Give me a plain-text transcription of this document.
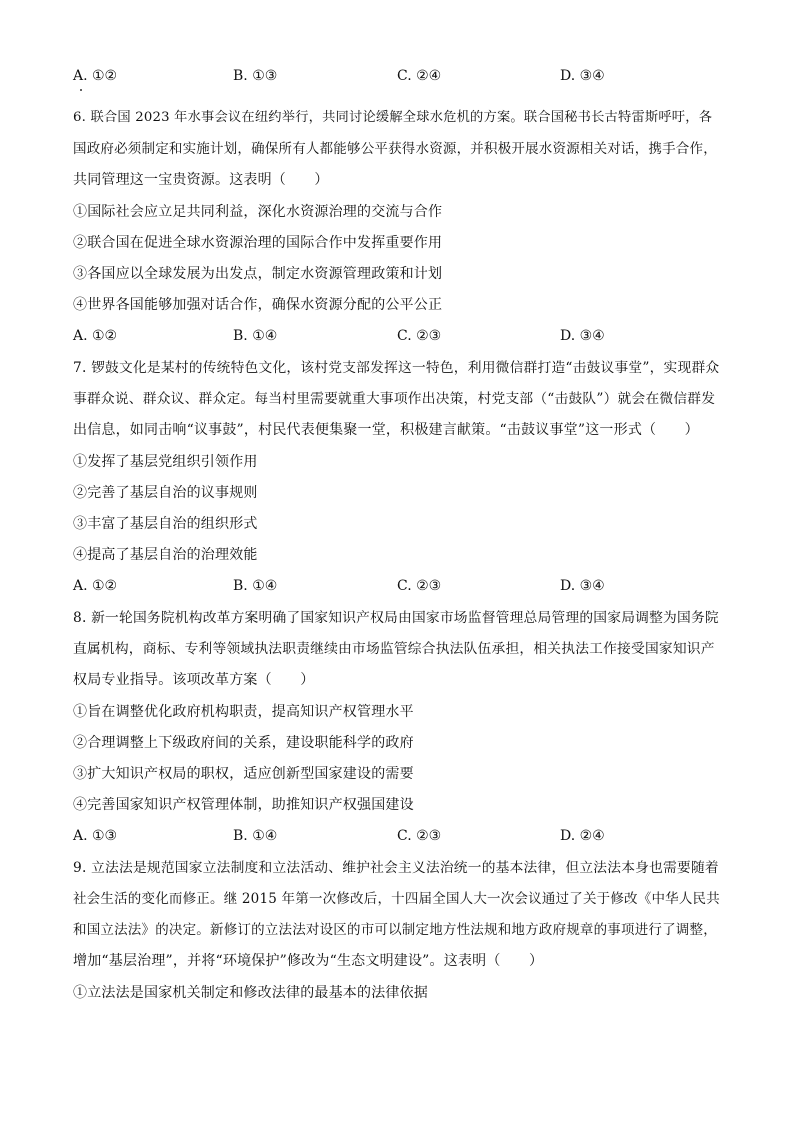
A. ①②	B. ①③	C. ②④	D. ③④
6. 联合国 2023 年水事会议在纽约举行，共同讨论缓解全球水危机的方案。联合国秘书长古特雷斯呼吁，各
国政府必须制定和实施计划，确保所有人都能够公平获得水资源，并积极开展水资源相关对话，携手合作，
共同管理这一宝贵资源。这表明（　　）
①国际社会应立足共同利益，深化水资源治理的交流与合作
②联合国在促进全球水资源治理的国际合作中发挥重要作用
③各国应以全球发展为出发点，制定水资源管理政策和计划
④世界各国能够加强对话合作，确保水资源分配的公平公正
A. ①②	B. ①④	C. ②③	D. ③④
7. 锣鼓文化是某村的传统特色文化，该村党支部发挥这一特色，利用微信群打造“击鼓议事堂”，实现群众
事群众说、群众议、群众定。每当村里需要就重大事项作出决策，村党支部（“击鼓队”）就会在微信群发
出信息，如同击响“议事鼓”，村民代表便集聚一堂，积极建言献策。“击鼓议事堂”这一形式（　　）
①发挥了基层党组织引领作用
②完善了基层自治的议事规则
③丰富了基层自治的组织形式
④提高了基层自治的治理效能
A. ①②	B. ①④	C. ②③	D. ③④
8. 新一轮国务院机构改革方案明确了国家知识产权局由国家市场监督管理总局管理的国家局调整为国务院
直属机构，商标、专利等领域执法职责继续由市场监管综合执法队伍承担，相关执法工作接受国家知识产
权局专业指导。该项改革方案（　　）
①旨在调整优化政府机构职责，提高知识产权管理水平
②合理调整上下级政府间的关系，建设职能科学的政府
③扩大知识产权局的职权，适应创新型国家建设的需要
④完善国家知识产权管理体制，助推知识产权强国建设
A. ①③	B. ①④	C. ②③	D. ②④
9. 立法法是规范国家立法制度和立法活动、维护社会主义法治统一的基本法律，但立法法本身也需要随着
社会生活的变化而修正。继 2015 年第一次修改后，十四届全国人大一次会议通过了关于修改《中华人民共
和国立法法》的决定。新修订的立法法对设区的市可以制定地方性法规和地方政府规章的事项进行了调整，
增加“基层治理”，并将“环境保护”修改为“生态文明建设”。这表明（　　）
①立法法是国家机关制定和修改法律的最基本的法律依据
